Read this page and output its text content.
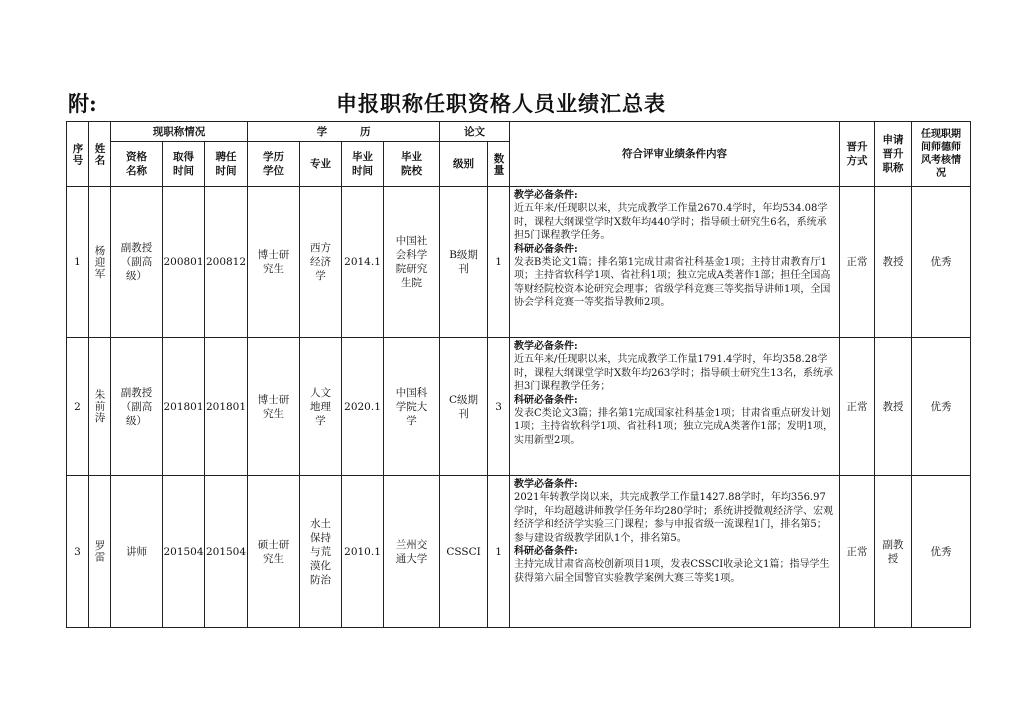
附:	申报职称任职资格人员业绩汇总表
序号	姓名	现职称情况			学         历				论文		符合评审业绩条件内容	晋升方式	申请晋升职称	任现职期间师德师风考核情况

		资格名称	取得时间	聘任时间	学历学位	专业	毕业时间	毕业院校	级别	数量				

1	杨迎军	副教授（副高级）	200801	200812	博士研究生	西方经济学	2014.1	中国社会科学院研究生院	B级期刊	1	教学必备条件:
近五年来/任现职以来，共完成教学工作量2670.4学时，年均534.08学时，课程大纲课堂学时X数年均440学时；指导硕士研究生6名，系统承担5门课程教学任务。
科研必备条件:
发表B类论文1篇；排名第1完成甘肃省社科基金1项；主持甘肃教育厅1项；主持省软科学1项、省社科1项；独立完成A类著作1部；担任全国高等财经院校资本论研究会理事；省级学科竞赛三等奖指导讲师1项，全国协会学科竞赛一等奖指导教师2项。	正常	教授	优秀
2	朱前涛	副教授（副高级）	201801	201801	博士研究生	人文地理学	2020.1	中国科学院大学	C级期刊	3	教学必备条件:
近五年来/任现职以来，共完成教学工作量1791.4学时，年均358.28学时，课程大纲课堂学时X数年均263学时；指导硕士研究生13名，系统承担3门课程教学任务；
科研必备条件:
发表C类论文3篇；排名第1完成国家社科基金1项；甘肃省重点研发计划1项；主持省软科学1项、省社科1项；独立完成A类著作1部；发明1项，实用新型2项。	正常	教授	优秀
3	罗雷	讲师	201504	201504	硕士研究生	水土保持与荒漠化防治	2010.1	兰州交通大学	CSSCI	1	教学必备条件:
2021年转教学岗以来，共完成教学工作量1427.88学时，年均356.97学时，年均超越讲师教学任务年均280学时；系统讲授微观经济学、宏观经济学和经济学实验三门课程；参与申报省级一流课程1门，排名第5；参与建设省级教学团队1个，排名第5。
科研必备条件:
主持完成甘肃省高校创新项目1项，发表CSSCI收录论文1篇；指导学生获得第六届全国警官实验教学案例大赛三等奖1项。	正常	副教授	优秀
